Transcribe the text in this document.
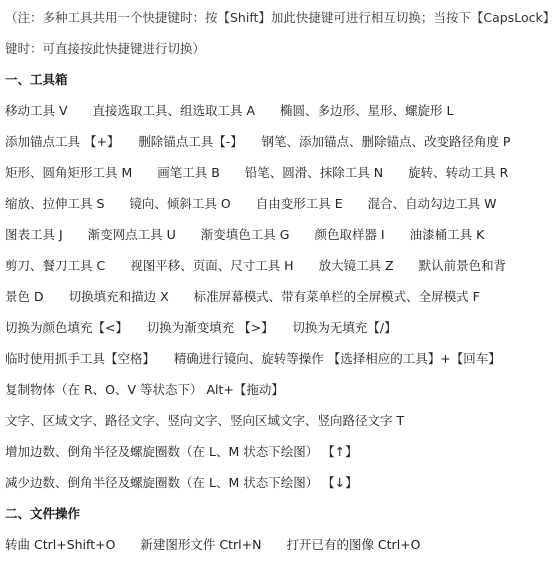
（注：多种工具共用一个快捷键时：按【Shift】加此快捷键可进行相互切换；当按下【CapsLock】
键时：可直接按此快捷键进行切换）
一、工具箱
移动工具 V　　直接选取工具、组选取工具 A　　椭圆、多边形、星形、螺旋形 L
添加锚点工具 【+】　　删除锚点工具【-】　　钢笔、添加锚点、删除锚点、改变路径角度 P
矩形、圆角矩形工具 M　　画笔工具 B　　铅笔、圆滑、抹除工具 N　　旋转、转动工具 R
缩放、拉伸工具 S　　镜向、倾斜工具 O　　自由变形工具 E　　混合、自动勾边工具 W
图表工具 J　　渐变网点工具 U　　渐变填色工具 G　　颜色取样器 I　　油漆桶工具 K
剪刀、餐刀工具 C　　视图平移、页面、尺寸工具 H　　放大镜工具 Z　　默认前景色和背
景色 D　　切换填充和描边 X　　标准屏幕模式、带有菜单栏的全屏模式、全屏模式 F
切换为颜色填充【<】　　切换为渐变填充 【>】　　切换为无填充【/】
临时使用抓手工具【空格】　　精确进行镜向、旋转等操作 【选择相应的工具】+【回车】
复制物体（在 R、O、V 等状态下） Alt+【拖动】
文字、区域文字、路径文字、竖向文字、竖向区域文字、竖向路径文字 T
增加边数、倒角半径及螺旋圈数（在 L、M 状态下绘图） 【↑】
减少边数、倒角半径及螺旋圈数（在 L、M 状态下绘图） 【↓】
二、文件操作
转曲 Ctrl+Shift+O　　新建图形文件 Ctrl+N　　打开已有的图像 Ctrl+O
